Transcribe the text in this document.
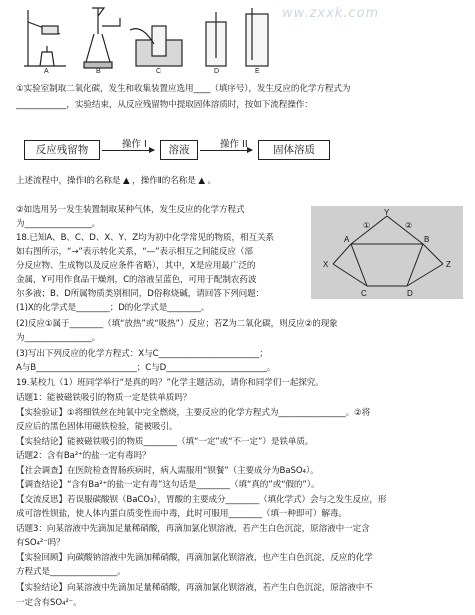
A	B	C	D	E
ww.zxxk.com
①实验室制取二氧化碳，发生和收集装置应选用____（填序号），发生反应的化学方程式为
____________，实验结束，从反应残留物中提取固体溶质时，按如下流程操作：
反应残留物	操作 I	溶液	操作 II	固体溶质
上述流程中，操作Ⅰ的名称是 ▲ ，操作Ⅱ的名称是 ▲ 。
②如选用另一发生装置制取某种气体，发生反应的化学方程式
为________________。
18.已知A、B、C、D、X、Y、Z均为初中化学常见的物质，相互关系
如右图所示，“→”表示转化关系，“—”表示相互之间能反应（部
分反应物、生成物以及反应条件省略），其中，X是应用最广泛的
金属，Y可用作食品干燥剂，C的溶液呈蓝色，可用于配制农药波
尔多液；B、D所属物质类别相同，D俗称烧碱，请回答下列问题：
Y
X
A	B
C	D
Z
①	②
(1)X的化学式是________；D的化学式是________。
(2)反应①属于________（填“放热”或“吸热”）反应；若Z为二氧化碳，则反应②的现象
为________________。
(3)写出下列反应的化学方程式：X与C________________________；
A与B________________________；C与D________________________。
19.某校九（1）班同学举行“是真的吗？”化学主题活动，请你和同学们一起探究。
话题1：能被磁铁吸引的物质一定是铁单质吗？
【实验验证】①将细铁丝在纯氧中完全燃烧，主要反应的化学方程式为________________。②将
反应后的黑色固体用磁铁检验，能被吸引。
【实验结论】能被磁铁吸引的物质________（填“一定”或“不一定”）是铁单质。
话题2：含有Ba²⁺的盐一定有毒吗？
【社会调查】在医院检查胃肠疾病时，病人需服用“钡餐”（主要成分为BaSO₄）。
【调查结论】“含有Ba²⁺的盐一定有毒”这句话是________（填“真的”或“假的”）。
【交流反思】若误服碳酸钡（BaCO₃），胃酸的主要成分________（填化学式）会与之发生反应，形
成可溶性钡盐，使人体内蛋白质变性而中毒，此时可服用________（填一种即可）解毒。
话题3：向某溶液中先滴加足量稀硝酸，再滴加氯化钡溶液，若产生白色沉淀，原溶液中一定含
有SO₄²⁻吗？
【实验回顾】向碳酸钠溶液中先滴加稀硝酸，再滴加氯化钡溶液，也产生白色沉淀，反应的化学
方程式是________________。
【实验结论】向某溶液中先滴加足量稀硝酸，再滴加氯化钡溶液，若产生白色沉淀，原溶液中不
一定含有SO₄²⁻。
